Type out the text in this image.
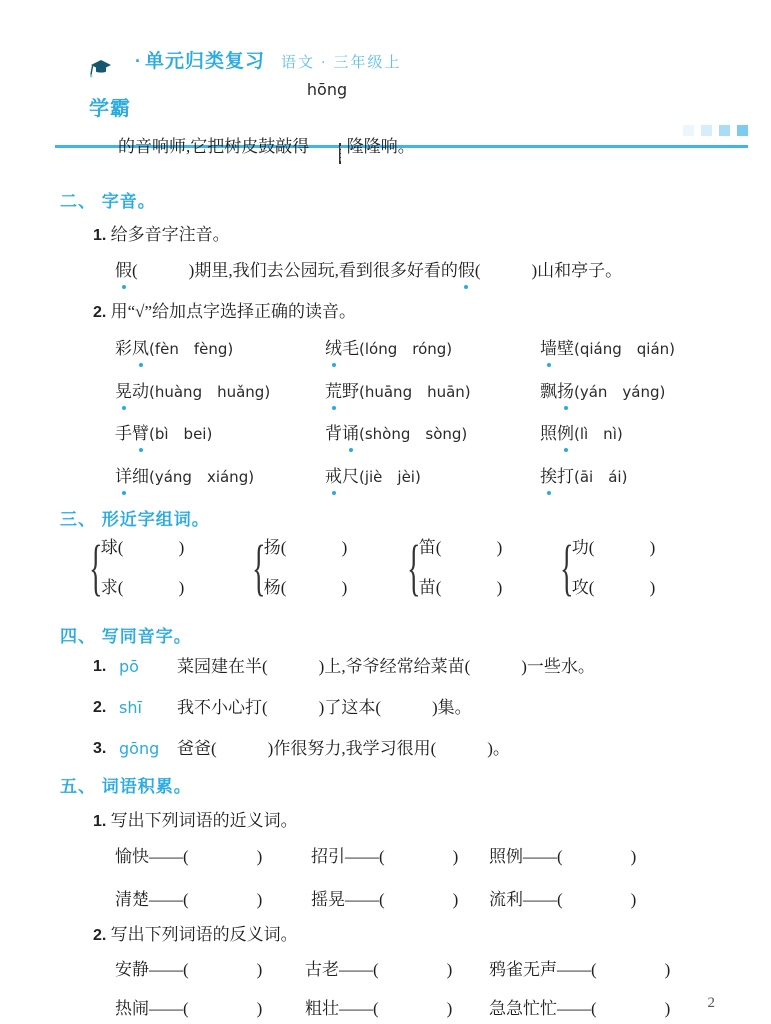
学霸

· 单元归类复习 语文 · 三年级上
的音响师,它把树皮鼓敲得

hōng

隆隆响。
二、 字音。
1. 给多音字注音。
假(　　　)期里,我们去公园玩,看到很多好看的假(　　　)山和亭子。
2. 用“√”给加点字选择正确的读音。
彩凤(fèn　fèng)	绒毛(lóng　róng)	墙壁(qiáng　qián)
晃动(huàng　huǎng)	荒野(huāng　huān)	飘扬(yán　yáng)
手臂(bì　bei)	背诵(shòng　sòng)	照例(lì　nì)
详细(yáng　xiáng)	戒尺(jiè　jèi)	挨打(āi　ái)
三、 形近字组词。
{
球(　　　 )
求(　　　 ) {
扬(　　　 )
杨(　　　 ) {
笛(　　　 )
苗(　　　 ) {
功(　　　 )
攻(　　　 )
四、 写同音字。
1. pō	菜园建在半(　　　)上,爷爷经常给菜苗(　　　)一些水。
2. shī	我不小心打(　　　)了这本(　　　)集。
3. gōng	爸爸(　　　)作很努力,我学习很用(　　　)。
五、 词语积累。
1. 写出下列词语的近义词。
愉快——(　　　　)	招引——(　　　　)	照例——(　　　　)
清楚——(　　　　)	摇晃——(　　　　)	流利——(　　　　)
2. 写出下列词语的反义词。
安静——(　　　　)	古老——(　　　　)	鸦雀无声——(　　　　)
热闹——(　　　　)	粗壮——(　　　　)	急急忙忙——(　　　　) 2
